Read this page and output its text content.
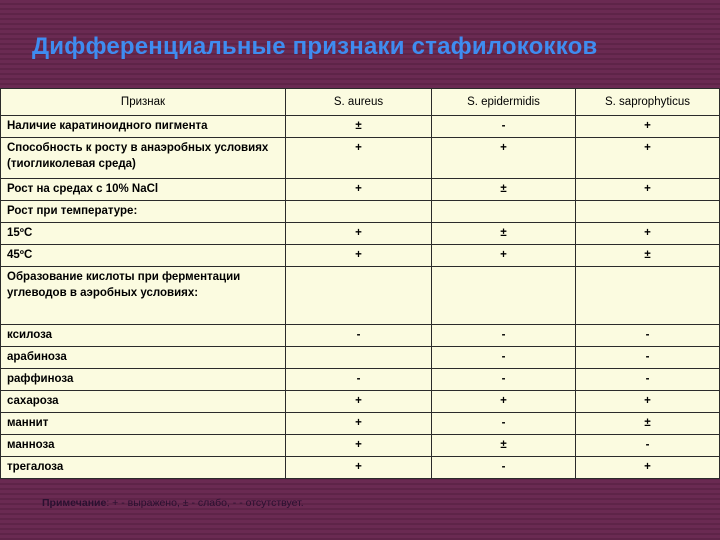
Дифференциальные признаки стафилококков
Примечание: + - выражено, ± - слабо, - - отсутствует.
Признак	S. aureus	S. epidermidis	S. saprophyticus
Наличие каратиноидного пигмента	±	-	+
Способность к росту в анаэробных условиях (тиогликолевая среда)	+	+	+
Рост на средах с 10% NaCl	+	±	+
Рост при температуре:			
15ºС	+	±	+
45ºС	+	+	±
Образование кислоты при ферментации углеводов в аэробных условиях:			
ксилоза	-	-	-
арабиноза		-	-
раффиноза	-	-	-
сахароза	+	+	+
маннит	+	-	±
манноза	+	±	-
трегалоза	+	-	+
